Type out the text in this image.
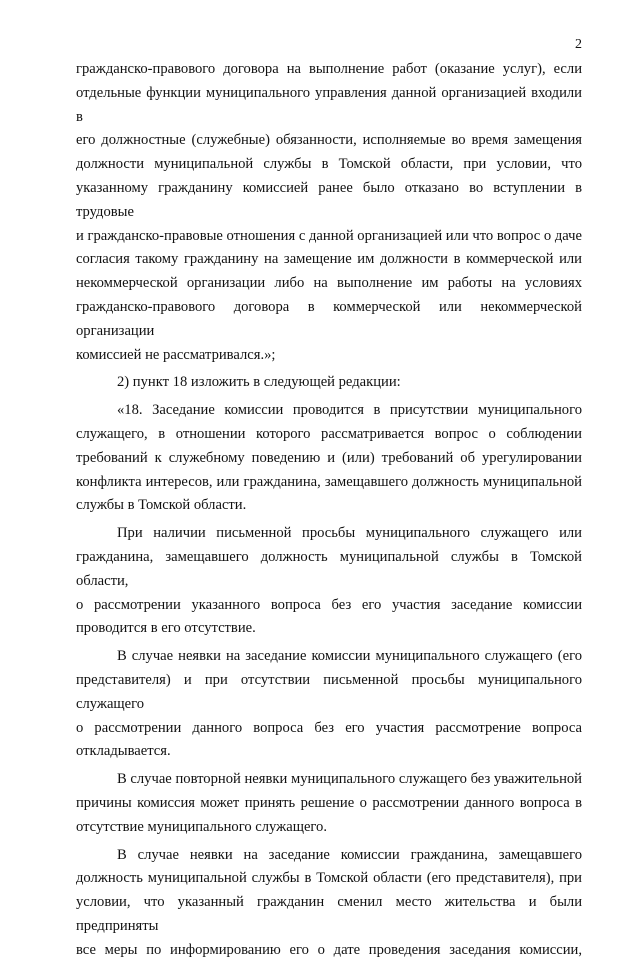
2

гражданско-правового договора на выполнение работ (оказание услуг), если

отдельные функции муниципального управления данной организацией входили в

его должностные (служебные) обязанности, исполняемые во время замещения

должности муниципальной службы в Томской области, при условии, что

указанному гражданину комиссией ранее было отказано во вступлении в трудовые

и гражданско-правовые отношения с данной организацией или что вопрос о даче

согласия такому гражданину на замещение им должности в коммерческой или

некоммерческой организации либо на выполнение им работы на условиях

гражданско-правового договора в коммерческой или некоммерческой организации

комиссией не рассматривался.»;

2) пункт 18 изложить в следующей редакции:

«18. Заседание комиссии проводится в присутствии муниципального

служащего, в отношении которого рассматривается вопрос о соблюдении

требований к служебному поведению и (или) требований об урегулировании

конфликта интересов, или гражданина, замещавшего должность муниципальной

службы в Томской области.

При наличии письменной просьбы муниципального служащего или

гражданина, замещавшего должность муниципальной службы в Томской области,

о рассмотрении указанного вопроса без его участия заседание комиссии

проводится в его отсутствие.

В случае неявки на заседание комиссии муниципального служащего (его

представителя) и при отсутствии письменной просьбы муниципального служащего

о рассмотрении данного вопроса без его участия рассмотрение вопроса

откладывается.

В случае повторной неявки муниципального служащего без уважительной

причины комиссия может принять решение о рассмотрении данного вопроса в

отсутствие муниципального служащего.

В случае неявки на заседание комиссии гражданина, замещавшего

должность муниципальной службы в Томской области (его представителя), при

условии, что указанный гражданин сменил место жительства и были предприняты

все меры по информированию его о дате проведения заседания комиссии,
